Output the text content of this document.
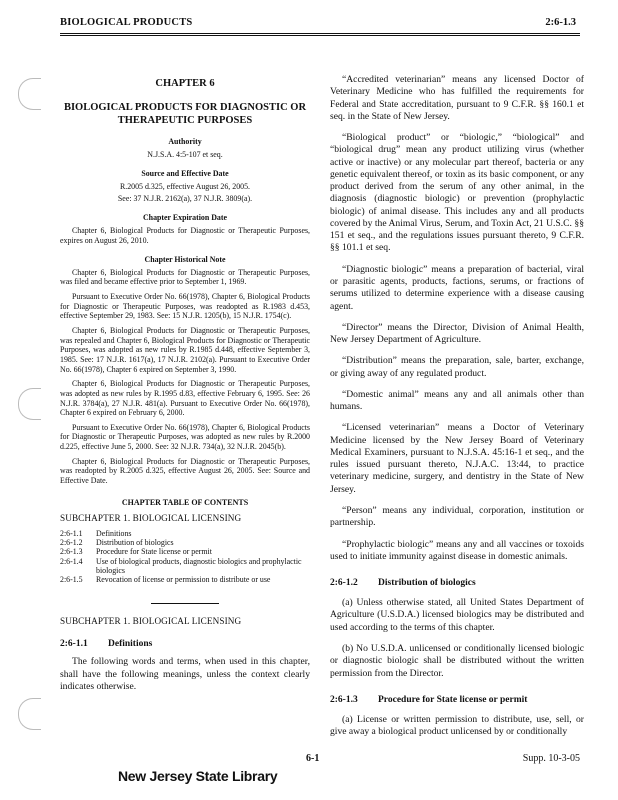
BIOLOGICAL PRODUCTS	2:6-1.3
CHAPTER 6
BIOLOGICAL PRODUCTS FOR DIAGNOSTIC OR THERAPEUTIC PURPOSES
Authority

N.J.S.A. 4:5-107 et seq.

Source and Effective Date

R.2005 d.325, effective August 26, 2005.

See: 37 N.J.R. 2162(a), 37 N.J.R. 3809(a).

Chapter Expiration Date

Chapter 6, Biological Products for Diagnostic or Therapeutic Purposes, expires on August 26, 2010.

Chapter Historical Note

Chapter 6, Biological Products for Diagnostic or Therapeutic Purposes, was filed and became effective prior to September 1, 1969.

Pursuant to Executive Order No. 66(1978), Chapter 6, Biological Products for Diagnostic or Therapeutic Purposes, was readopted as R.1983 d.453, effective September 29, 1983. See: 15 N.J.R. 1205(b), 15 N.J.R. 1754(c).

Chapter 6, Biological Products for Diagnostic or Therapeutic Purposes, was repealed and Chapter 6, Biological Products for Diagnostic or Therapeutic Purposes, was adopted as new rules by R.1985 d.448, effective September 3, 1985. See: 17 N.J.R. 1617(a), 17 N.J.R. 2102(a). Pursuant to Executive Order No. 66(1978), Chapter 6 expired on September 3, 1990.

Chapter 6, Biological Products for Diagnostic or Therapeutic Purposes, was adopted as new rules by R.1995 d.83, effective February 6, 1995. See: 26 N.J.R. 3784(a), 27 N.J.R. 481(a). Pursuant to Executive Order No. 66(1978), Chapter 6 expired on February 6, 2000.

Pursuant to Executive Order No. 66(1978), Chapter 6, Biological Products for Diagnostic or Therapeutic Purposes, was adopted as new rules by R.2000 d.225, effective June 5, 2000. See: 32 N.J.R. 734(a), 32 N.J.R. 2045(b).

Chapter 6, Biological Products for Diagnostic or Therapeutic Purposes, was readopted by R.2005 d.325, effective August 26, 2005. See: Source and Effective Date.

CHAPTER TABLE OF CONTENTS
SUBCHAPTER 1. BIOLOGICAL LICENSING
2:6-1.1	Definitions
2:6-1.2	Distribution of biologics
2:6-1.3	Procedure for State license or permit
2:6-1.4	Use of biological products, diagnostic biologics and prophylactic biologics
2:6-1.5	Revocation of license or permission to distribute or use
SUBCHAPTER 1. BIOLOGICAL LICENSING
2:6-1.1 Definitions

The following words and terms, when used in this chapter, shall have the following meanings, unless the context clearly indicates otherwise.

“Accredited veterinarian” means any licensed Doctor of Veterinary Medicine who has fulfilled the requirements for Federal and State accreditation, pursuant to 9 C.F.R. §§ 160.1 et seq. in the State of New Jersey.

“Biological product” or “biologic,” “biological” and “biological drug” mean any product utilizing virus (whether active or inactive) or any molecular part thereof, bacteria or any genetic equivalent thereof, or toxin as its basic component, or any product derived from the serum of any other animal, in the diagnosis (diagnostic biologic) or prevention (prophylactic biologic) of animal disease. This includes any and all products covered by the Animal Virus, Serum, and Toxin Act, 21 U.S.C. §§ 151 et seq., and the regulations issues pursuant thereto, 9 C.F.R. §§ 101.1 et seq.

“Diagnostic biologic” means a preparation of bacterial, viral or parasitic agents, products, factions, serums, or fractions of serums utilized to determine experience with a disease causing agent.

“Director” means the Director, Division of Animal Health, New Jersey Department of Agriculture.

“Distribution” means the preparation, sale, barter, exchange, or giving away of any regulated product.

“Domestic animal” means any and all animals other than humans.

“Licensed veterinarian” means a Doctor of Veterinary Medicine licensed by the New Jersey Board of Veterinary Medical Examiners, pursuant to N.J.S.A. 45:16-1 et seq., and the rules issued pursuant thereto, N.J.A.C. 13:44, to practice veterinary medicine, surgery, and dentistry in the State of New Jersey.

“Person” means any individual, corporation, institution or partnership.

“Prophylactic biologic” means any and all vaccines or toxoids used to initiate immunity against disease in domestic animals.

2:6-1.2 Distribution of biologics

(a) Unless otherwise stated, all United States Department of Agriculture (U.S.D.A.) licensed biologics may be distributed and used according to the terms of this chapter.

(b) No U.S.D.A. unlicensed or conditionally licensed biologic or diagnostic biologic shall be distributed without the written permission from the Director.

2:6-1.3 Procedure for State license or permit

(a) License or written permission to distribute, use, sell, or give away a biological product unlicensed by or conditionally

6-1	Supp. 10-3-05
New Jersey State Library
